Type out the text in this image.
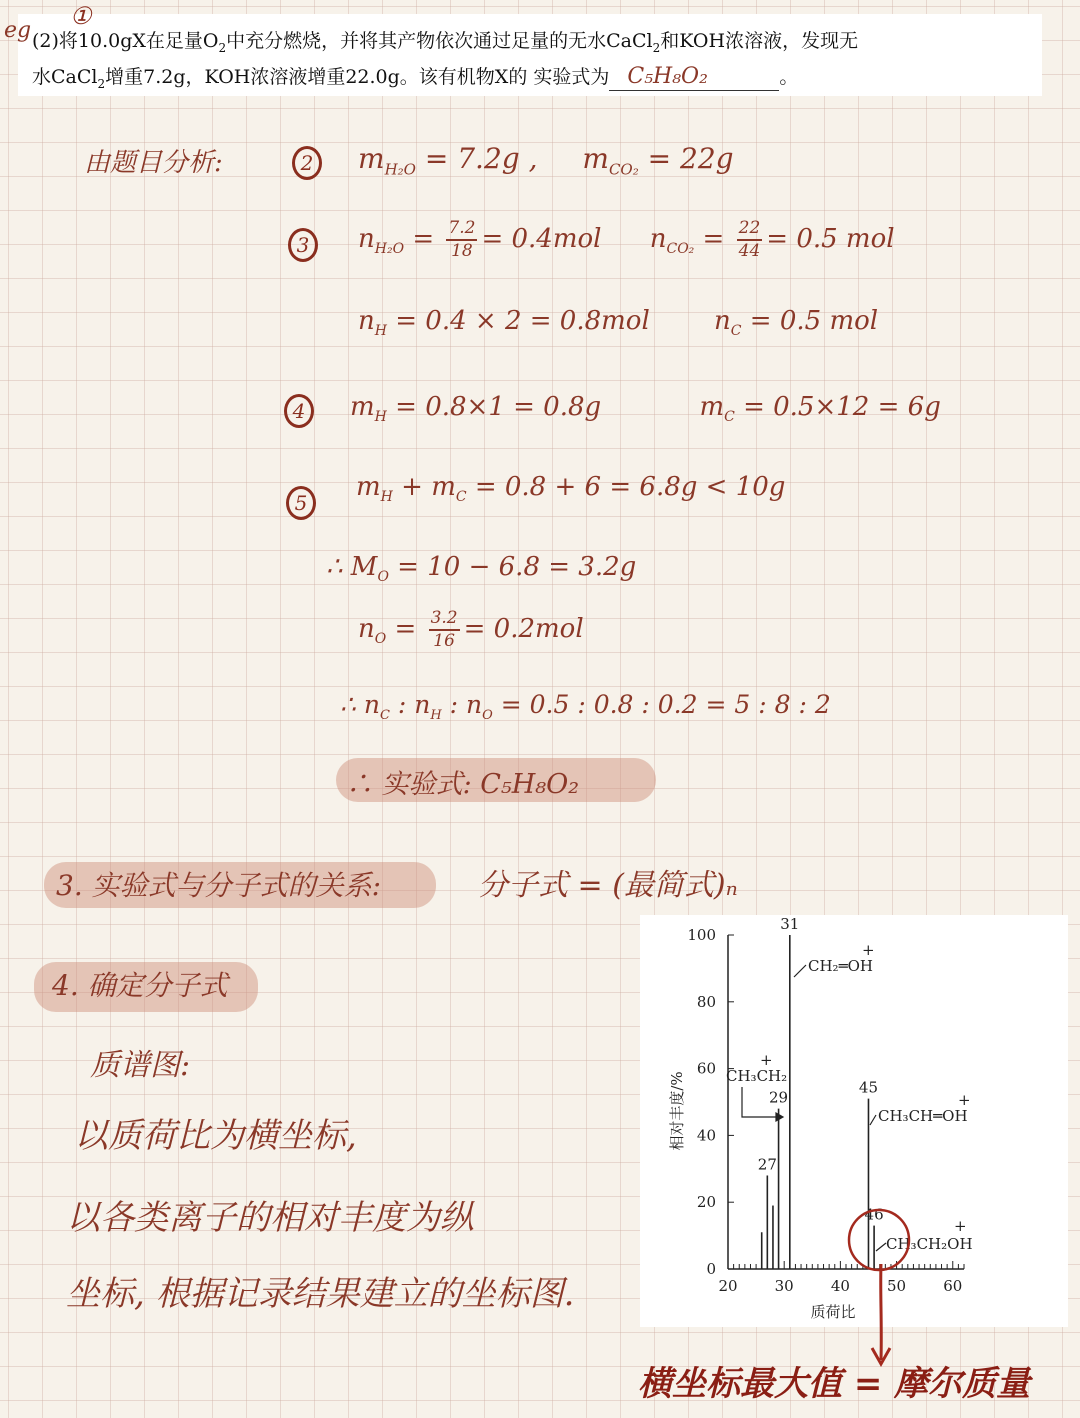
eg
①
(2)将10.0gX在足量$O_2$中充分燃烧，并将其产物依次通过足量的无水CaCl$_2$和KOH浓溶液，发现无
水CaCl$_2$增重7.2g，KOH浓溶液增重22.0g。该有机物X的 实验式为 C₅H₈O₂	。
由题目分析:	2	$m_{H_2O} = 7.2g$ , $m_{CO_2} = 22g$
3	$n_{H_2O} = \frac{7.2}{18} = 0.4mol$ $n_{CO_2} = \frac{22}{44} = 0.5$ mol
$n_H = 0.4 \times 2 = 0.8mol$ $n_C = 0.5$ mol
4	$m_H = 0.8\times 1 = 0.8g$	$m_C = 0.5\times 12 = 6g$
5
$m_H + m_C = 0.8 + 6 = 6.8g < 10g$
∴ $M_O = 10 - 6.8 = 3.2g$
$n_O = \frac{3.2}{16} = 0.2mol$
∴ $n_C$ : $n_H$ : $n_O = 0.5$ : 0.8 : 0.2 = 5 : 8 : 2
∴ 实验式: C₅H₈O₂
3. 实验式与分子式的关系:	分子式 = (最简式)ₙ
4. 确定分子式
质谱图:
以质荷比为横坐标,
以各类离子的相对丰度为纵
坐标, 根据记录结果建立的坐标图.
相对丰度/%
质荷比
20 30 40 50 60
0
20
40
60
80
100
27
29
31
45
46
+
CH₂═OH
+
CH₃CH₂
+
CH₃CH═OH
+
CH₃CH₂OH
横坐标最大值 = 摩尔质量
